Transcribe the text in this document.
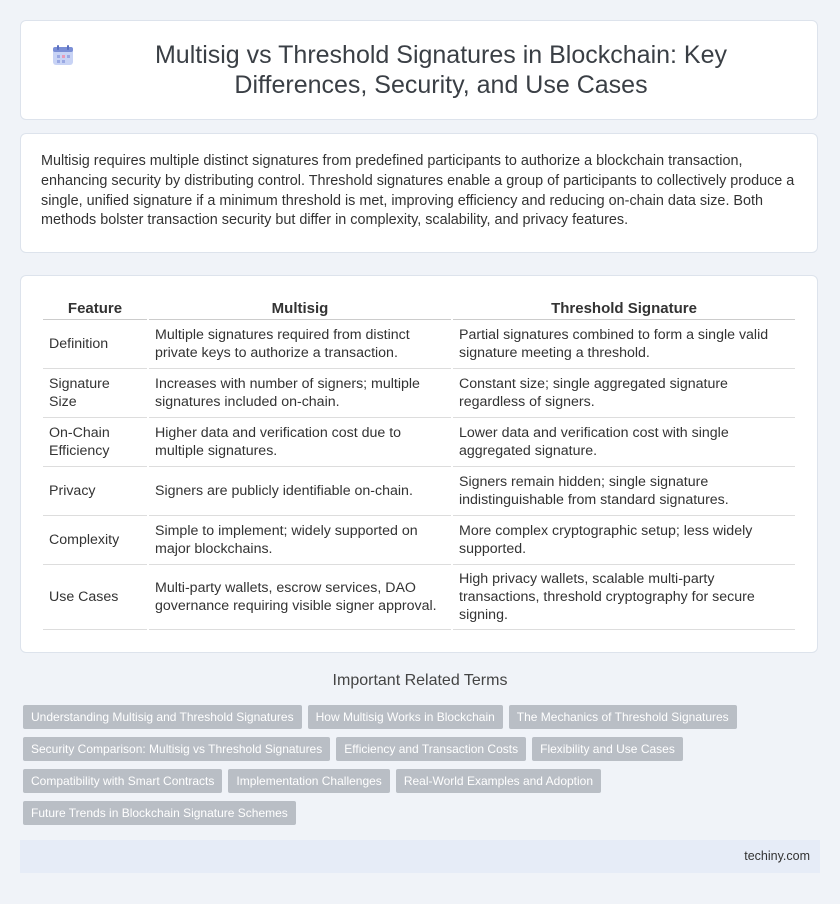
Multisig vs Threshold Signatures in Blockchain: Key Differences, Security, and Use Cases

Multisig requires multiple distinct signatures from predefined participants to authorize a blockchain transaction, enhancing security by distributing control. Threshold signatures enable a group of participants to collectively produce a single, unified signature if a minimum threshold is met, improving efficiency and reducing on-chain data size. Both methods bolster transaction security but differ in complexity, scalability, and privacy features.

Feature	Multisig	Threshold Signature
Definition	Multiple signatures required from distinct private keys to authorize a transaction.	Partial signatures combined to form a single valid signature meeting a threshold.
Signature Size	Increases with number of signers; multiple signatures included on-chain.	Constant size; single aggregated signature regardless of signers.
On-Chain Efficiency	Higher data and verification cost due to multiple signatures.	Lower data and verification cost with single aggregated signature.
Privacy	Signers are publicly identifiable on-chain.	Signers remain hidden; single signature indistinguishable from standard signatures.
Complexity	Simple to implement; widely supported on major blockchains.	More complex cryptographic setup; less widely supported.
Use Cases	Multi-party wallets, escrow services, DAO governance requiring visible signer approval.	High privacy wallets, scalable multi-party transactions, threshold cryptography for secure signing.
Important Related Terms
Understanding Multisig and Threshold Signatures How Multisig Works in Blockchain The Mechanics of Threshold Signatures
Security Comparison: Multisig vs Threshold Signatures Efficiency and Transaction Costs Flexibility and Use Cases
Compatibility with Smart Contracts Implementation Challenges Real-World Examples and Adoption
Future Trends in Blockchain Signature Schemes
techiny.com
